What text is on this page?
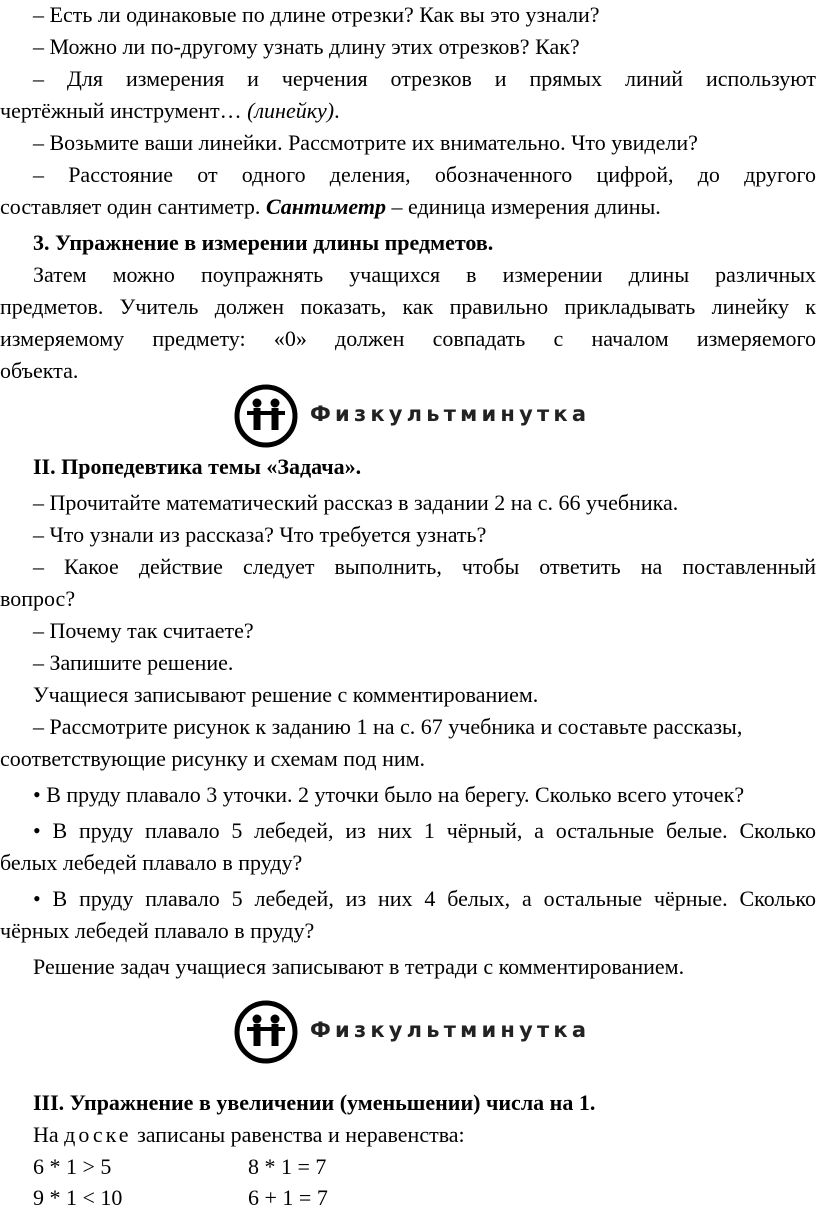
– Есть ли одинаковые по длине отрезки? Как вы это узнали?
– Можно ли по-другому узнать длину этих отрезков? Как?
– Для измерения и черчения отрезков и прямых линий используют
чертёжный инструмент… (линейку).
– Возьмите ваши линейки. Рассмотрите их внимательно. Что увидели?
– Расстояние от одного деления, обозначенного цифрой, до другого
составляет один сантиметр. Сантиметр – единица измерения длины.
3. Упражнение в измерении длины предметов.
Затем можно поупражнять учащихся в измерении длины различных
предметов. Учитель должен показать, как правильно прикладывать линейку к
измеряемому предмету: «0» должен совпадать с началом измеряемого
объекта.
Физкультминутка
II. Пропедевтика темы «Задача».
– Прочитайте математический рассказ в задании 2 на с. 66 учебника.
– Что узнали из рассказа? Что требуется узнать?
– Какое действие следует выполнить, чтобы ответить на поставленный
вопрос?
– Почему так считаете?
– Запишите решение.
Учащиеся записывают решение с комментированием.
– Рассмотрите рисунок к заданию 1 на с. 67 учебника и составьте рассказы,
соответствующие рисунку и схемам под ним.
• В пруду плавало 3 уточки. 2 уточки было на берегу. Сколько всего уточек?
• В пруду плавало 5 лебедей, из них 1 чёрный, а остальные белые. Сколько
белых лебедей плавало в пруду?
• В пруду плавало 5 лебедей, из них 4 белых, а остальные чёрные. Сколько
чёрных лебедей плавало в пруду?
Решение задач учащиеся записывают в тетради с комментированием.
Физкультминутка
III. Упражнение в увеличении (уменьшении) числа на 1.
На доске записаны равенства и неравенства:
6 * 1 > 5	8 * 1 = 7
9 * 1 < 10	6 + 1 = 7
